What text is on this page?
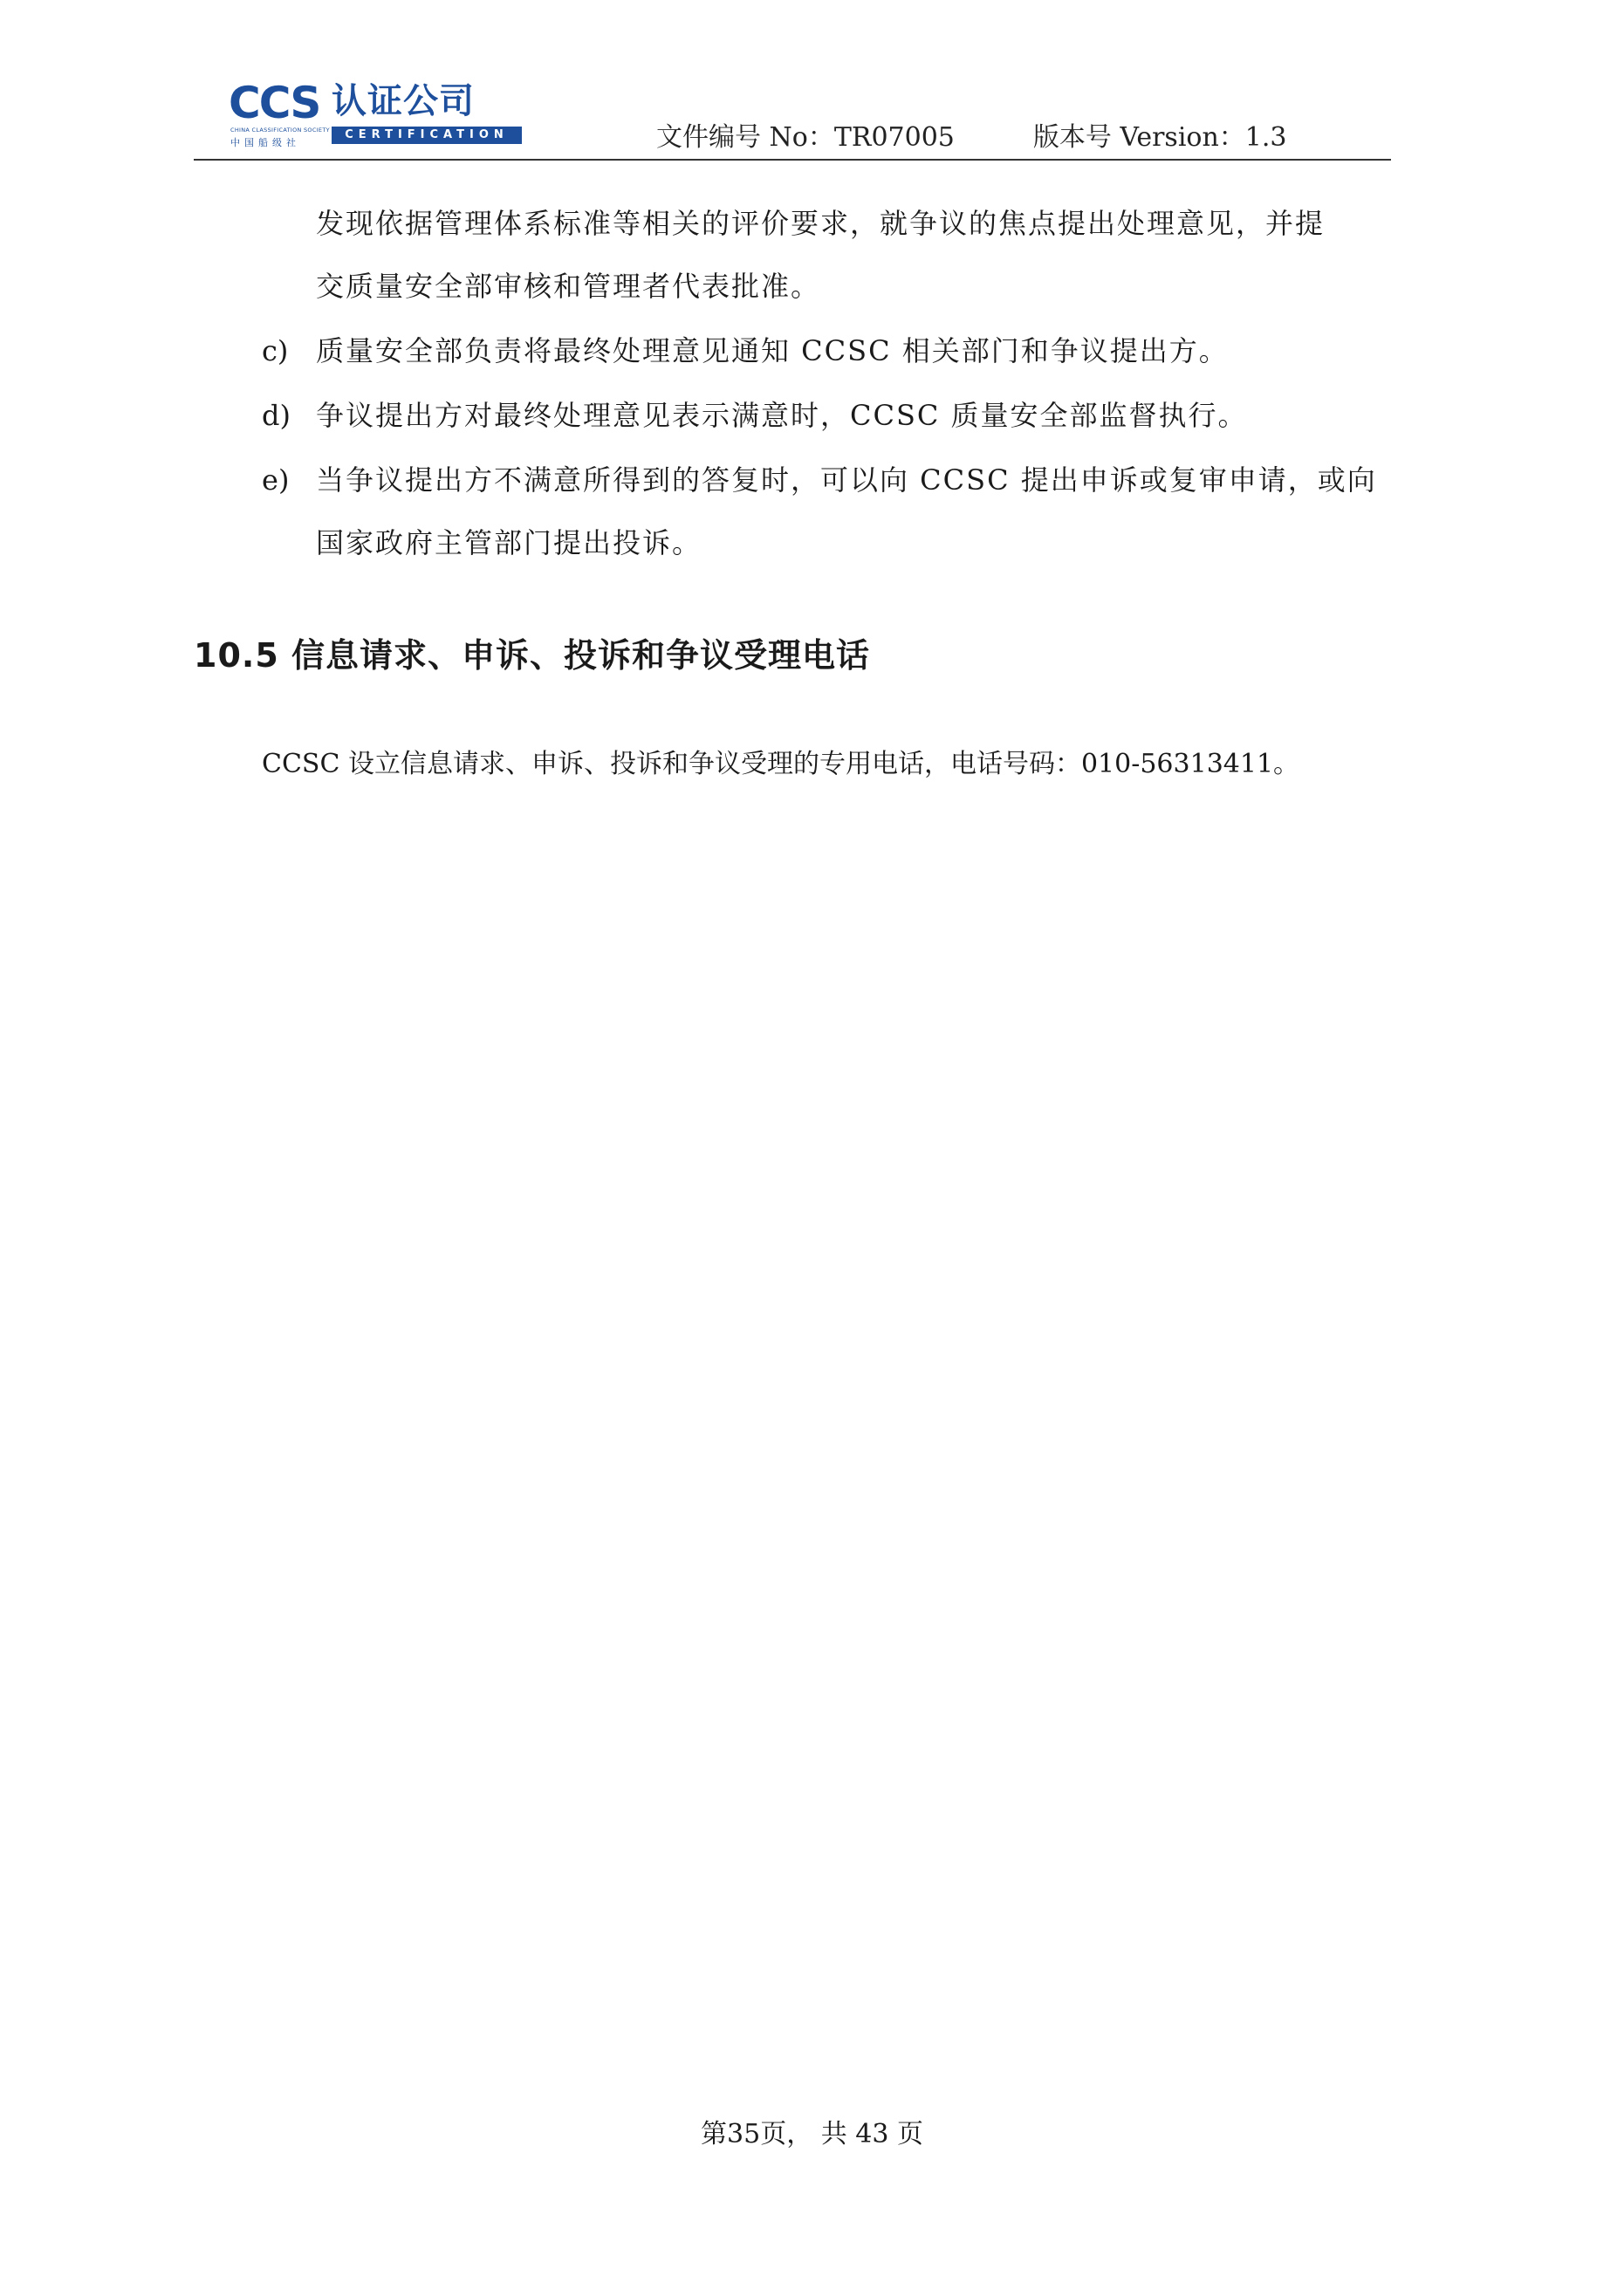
CCS
CHINA CLASSIFICATION SOCIETY
中国船级社
认证公司
CERTIFICATION	文件编号 No：TR07005	版本号 Version：1.3
发现依据管理体系标准等相关的评价要求，就争议的焦点提出处理意见，并提
交质量安全部审核和管理者代表批准。
c) 质量安全部负责将最终处理意见通知 CCSC 相关部门和争议提出方。
d) 争议提出方对最终处理意见表示满意时，CCSC 质量安全部监督执行。
e) 当争议提出方不满意所得到的答复时，可以向 CCSC 提出申诉或复审申请，或向
国家政府主管部门提出投诉。
10.5 信息请求、申诉、投诉和争议受理电话
CCSC 设立信息请求、申诉、投诉和争议受理的专用电话，电话号码：010-56313411。
第35页， 共 43 页
